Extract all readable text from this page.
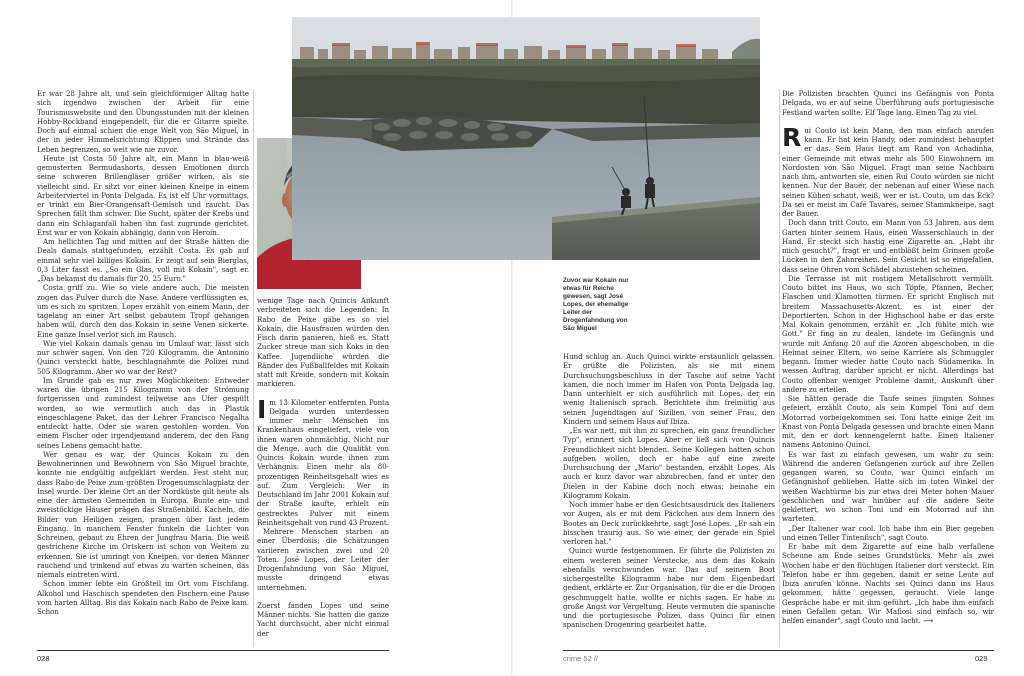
Er war 28 Jahre alt, und sein gleichförmiger Alltag hatte sich irgendwo zwischen der Arbeit für eine Tourismuswebsite und den Übungsstunden mit der kleinen Hobby-Rockband eingependelt, für die er Gitarre spielte. Doch auf einmal schien die enge Welt von São Miguel, in der in jeder Himmelsrichtung Klippen und Strände das Leben begrenzen, so weit wie nie zuvor.

Heute ist Costa 50 Jahre alt, ein Mann in blau-weiß gemusterten Bermudashorts, dessen Emotionen durch seine schweren Brillengläser größer wirken, als sie vielleicht sind. Er sitzt vor einer kleinen Kneipe in einem Arbeiterviertel in Ponta Delgada. Es ist elf Uhr vormittags, er trinkt ein Bier-Orangensaft-Gemisch und raucht. Das Sprechen fällt ihm schwer. Die Sucht, später der Krebs und dann ein Schlaganfall haben ihn fast zugrunde gerichtet. Erst war er von Kokain abhängig, dann von Heroin.

Am hellichten Tag und mitten auf der Straße hätten die Deals damals stattgefunden, erzählt Costa. Es gab auf einmal sehr viel billiges Kokain. Er zeigt auf sein Bierglas, 0,3 Liter fasst es. „So ein Glas, voll mit Kokain", sagt er. „Das bekamst du damals für 20, 25 Euro."

Costa griff zu. Wie so viele andere auch. Die meisten zogen das Pulver durch die Nase. Andere verflüssigten es, um es sich zu spritzen. Lopes erzählt von einem Mann, der tagelang an einer Art selbst gebautem Tropf gehangen haben will, durch den das Kokain in seine Venen sickerte. Eine ganze Insel verlor sich im Rausch.

Wie viel Kokain damals genau im Umlauf war, lässt sich nur schwer sagen. Von den 720 Kilogramm, die Antonino Quinci versteckt hatte, beschlagnahmte die Polizei rund 505 Kilogramm. Aber wo war der Rest?

Im Grunde gab es nur zwei Möglichkeiten: Entweder waren die übrigen 215 Kilogramm von der Strömung fortgerissen und zumindest teilweise ans Ufer gespült worden, so wie vermutlich auch das in Plastik eingeschlagene Paket, das der Lehrer Francisco Negalha entdeckt hatte. Oder sie waren gestohlen worden. Von einem Fischer oder irgendjemand anderem, der den Fang seines Lebens gemacht hatte.

Wer genau es war, der Quincis Kokain zu den Bewohnerinnen und Bewohnern von São Miguel brachte, konnte nie endgültig aufgeklärt werden. Fest steht nur, dass Rabo de Peixe zum größten Drogenumschlagplatz der Insel wurde. Der kleine Ort an der Nordküste gilt heute als eine der ärmsten Gemeinden in Europa. Bunte ein- und zweistöckige Häuser prägen das Straßenbild. Kacheln, die Bilder von Heiligen zeigen, prangen über fast jedem Eingang. In manchem Fenster funkeln die Lichter von Schreinen, gebaut zu Ehren der Jungfrau Maria. Die weiß gestrichene Kirche im Ortskern ist schon von Weitem zu erkennen. Sie ist umringt von Kneipen, vor denen Männer rauchend und trinkend auf etwas zu warten scheinen, das niemals eintreten wird.

Schon immer lebte ein Großteil im Ort vom Fischfang. Alkohol und Haschisch spendeten den Fischern eine Pause vom harten Alltag. Bis das Kokain nach Rabo de Peixe kam. Schon

wenige Tage nach Quincis Ankunft verbreiteten sich die Legenden: In Rabo de Peixe gäbe es so viel Kokain, die Hausfrauen würden den Fisch darin panieren, hieß es. Statt Zucker streue man sich Koks in den Kaffee. Jugendliche würden die Ränder des Fußballfeldes mit Kokain statt mit Kreide, sondern mit Kokain markieren.

Im 13 Kilometer entfernten Ponta Delgada wurden unterdessen immer mehr Menschen ins Krankenhaus eingeliefert, viele von ihnen waren ohnmächtig. Nicht nur die Menge, auch die Qualität von Quincis Kokain wurde ihnen zum Verhängnis: Einen mehr als 80-prozentigen Reinheitsgehalt wies es auf. Zum Vergleich: Wer in Deutschland im Jahr 2001 Kokain auf der Straße kaufte, erhielt ein gestrecktes Pulver mit einem Reinheitsgehalt von rund 43 Prozent.

Mehrere Menschen starben an einer Überdosis; die Schätzungen variieren zwischen zwei und 20 Toten. José Lopes, der Leiter der Drogenfahndung von São Miguel, musste dringend etwas unternehmen.

Zuerst fanden Lopes und seine Männer nichts. Sie hatten die ganze Yacht durchsucht, aber nicht einmal der

Zuvor war Kokain nur etwas für Reiche gewesen, sagt José Lopes, der ehemalige Leiter der Drogenfahndung von São Miguel

Hund schlug an. Auch Quinci wirkte erstaunlich gelassen. Er grüßte die Polizisten, als sie mit einem Durchsuchungsbeschluss in der Tasche auf seine Yacht kamen, die noch immer im Hafen von Ponta Delgada lag. Dann unterhielt er sich ausführlich mit Lopes, der ein wenig Italienisch sprach. Berichtete ihm freimütig aus seinen Jugendtagen auf Sizilien, von seiner Frau, den Kindern und seinem Haus auf Ibiza.

„Es war nett, mit ihm zu sprechen, ein ganz freundlicher Typ", erinnert sich Lopes. Aber er ließ sich von Quincis Freundlichkeit nicht blenden. Seine Kollegen hatten schon aufgeben wollen, doch er habe auf eine zweite Durchsuchung der „Mario" bestanden, erzählt Lopes. Als auch er kurz davor war abzubrechen, fand er unter den Dielen in der Kabine doch noch etwas: beinahe ein Kilogramm Kokain.

Noch immer habe er den Gesichtsausdruck des Italieners vor Augen, als er mit dem Päckchen aus dem Innern des Bootes an Deck zurückkehrte, sagt José Lopes. „Er sah ein bisschen traurig aus. So wie einer, der gerade ein Spiel verloren hat."

Quinci wurde festgenommen. Er führte die Polizisten zu einem weiteren seiner Verstecke, aus dem das Kokain ebenfalls verschwunden war. Das auf seinem Boot sichergestellte Kilogramm habe nur dem Eigenbedarf gedient, erklärte er. Zur Organisation, für die er die Drogen geschmuggelt hatte, wollte er nichts sagen. Er habe zu große Angst vor Vergeltung. Heute vermuten die spanische und die portugiesische Polizei, dass Quinci für einen spanischen Drogenring gearbeitet hatte.

Die Polizisten brachten Quinci ins Gefängnis von Ponta Delgada, wo er auf seine Überführung aufs portugiesische Festland warten sollte. Elf Tage lang. Einen Tag zu viel.

Rui Couto ist kein Mann, den man einfach anrufen kann. Er hat kein Handy, oder zumindest behauptet er das. Sein Haus liegt am Rand von Achadinha, einer Gemeinde mit etwas mehr als 500 Einwohnern im Nordosten von São Miguel. Fragt man seine Nachbarn nach ihm, antworten sie, einen Rui Couto würden sie nicht kennen. Nur der Bauer, der nebenan auf einer Wiese nach seinen Kühen schaut, weiß, wer er ist. Couto, um das Eck? Da sei er meist im Café Tavares, seiner Stammkneipe, sagt der Bauer.

Doch dann tritt Couto, ein Mann von 53 Jahren, aus dem Garten hinter seinem Haus, einen Wasserschlauch in der Hand. Er steckt sich hastig eine Zigarette an. „Habt ihr mich gesucht?", fragt er und entblößt beim Grinsen große Lücken in den Zahnreihen. Sein Gesicht ist so eingefallen, dass seine Ohren vom Schädel abzustehen scheinen.

Die Terrasse ist mit rostigem Metallschrott vermüllt. Couto bittet ins Haus, wo sich Töpfe, Pfannen, Becher, Flaschen und Klamotten türmen. Er spricht Englisch mit breitem Massachusetts-Akzent, es ist einer der Deportierten. Schon in der Highschool habe er das erste Mal Kokain genommen, erzählt er. „Ich fühlte mich wie Gott." Er fing an zu dealen, landete im Gefängnis und wurde mit Anfang 20 auf die Azoren abgeschoben, in die Heimat seiner Eltern, wo seine Karriere als Schmuggler begann. Immer wieder hatte Couto nach Südamerika. In wessen Auftrag, darüber spricht er nicht. Allerdings hat Couto offenbar weniger Probleme damit, Auskunft über andere zu erteilen.

Sie hätten gerade die Taufe seines jüngsten Sohnes gefeiert, erzählt Couto, als sein Kumpel Toni auf dem Motorrad vorbeigekommen sei. Toni hatte einige Zeit im Knast von Ponta Delgada gesessen und brachte einen Mann mit, den er dort kennengelernt hatte. Einen Italiener namens Antonino Quinci.

Es war fast zu einfach gewesen, um wahr zu sein: Während die anderen Gefangenen zurück auf ihre Zellen gegangen waren, so Couto, war Quinci einfach im Gefängnishof geblieben. Hatte sich im toten Winkel der weißen Wachtürme bis zur etwa drei Meter hohen Mauer geschlichen und war hinüber auf die andere Seite geklettert, wo schon Toni und ein Motorrad auf ihn warteten.

„Der Italiener war cool. Ich habe ihm ein Bier gegeben und einen Teller Tintenfisch", sagt Couto.

Er habe mit dem Zigarette auf eine halb verfallene Scheune am Ende seines Grundstücks. Mehr als zwei Wochen habe er den flüchtigen Italiener dort versteckt. Ein Telefon habe er ihm gegeben, damit er seine Leute auf Ibiza anrufen könne. Nachts sei Quinci dann ins Haus gekommen, hätte gegessen, geraucht. Viele lange Gespräche habe er mit ihm geführt. „Ich habe ihm einfach einen Gefallen getan. Wir Mafiosi sind einfach so, wir helfen einander", sagt Couto und lacht. ⟶

028	crime 52 //	029
